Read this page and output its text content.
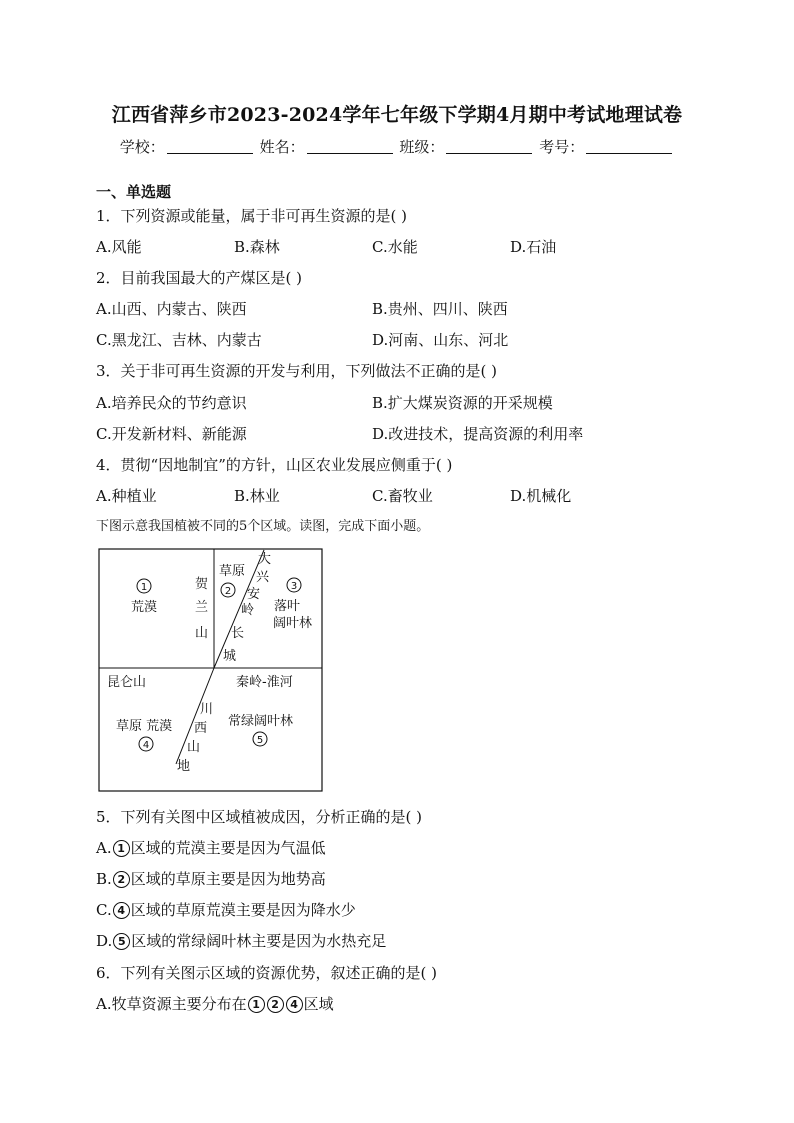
江西省萍乡市2023-2024学年七年级下学期4月期中考试地理试卷
学校：	姓名：	班级：	考号：
一、单选题
1．下列资源或能量，属于非可再生资源的是( )
A.风能	B.森林	C.水能	D.石油
2．目前我国最大的产煤区是( )
A.山西、内蒙古、陕西	B.贵州、四川、陕西
C.黑龙江、吉林、内蒙古	D.河南、山东、河北
3．关于非可再生资源的开发与利用，下列做法不正确的是( )
A.培养民众的节约意识	B.扩大煤炭资源的开采规模
C.开发新材料、新能源	D.改进技术，提高资源的利用率
4．贯彻“因地制宜”的方针，山区农业发展应侧重于( )
A.种植业	B.林业	C.畜牧业	D.机械化
下图示意我国植被不同的5个区域。读图，完成下面小题。
1
荒漠
贺
兰
山
草原
2
大
兴
安
岭
长
城
3
落叶
阔叶林
昆仑山	秦岭-淮河
川
西
山
地
草原 荒漠
4
常绿阔叶林
5
5．下列有关图中区域植被成因，分析正确的是( )
A. 1 区域的荒漠主要是因为气温低
B. 2 区域的草原主要是因为地势高
C. 4 区域的草原荒漠主要是因为降水少
D. 5 区域的常绿阔叶林主要是因为水热充足
6．下列有关图示区域的资源优势，叙述正确的是( )
A.牧草资源主要分布在 1 2 4 区域
